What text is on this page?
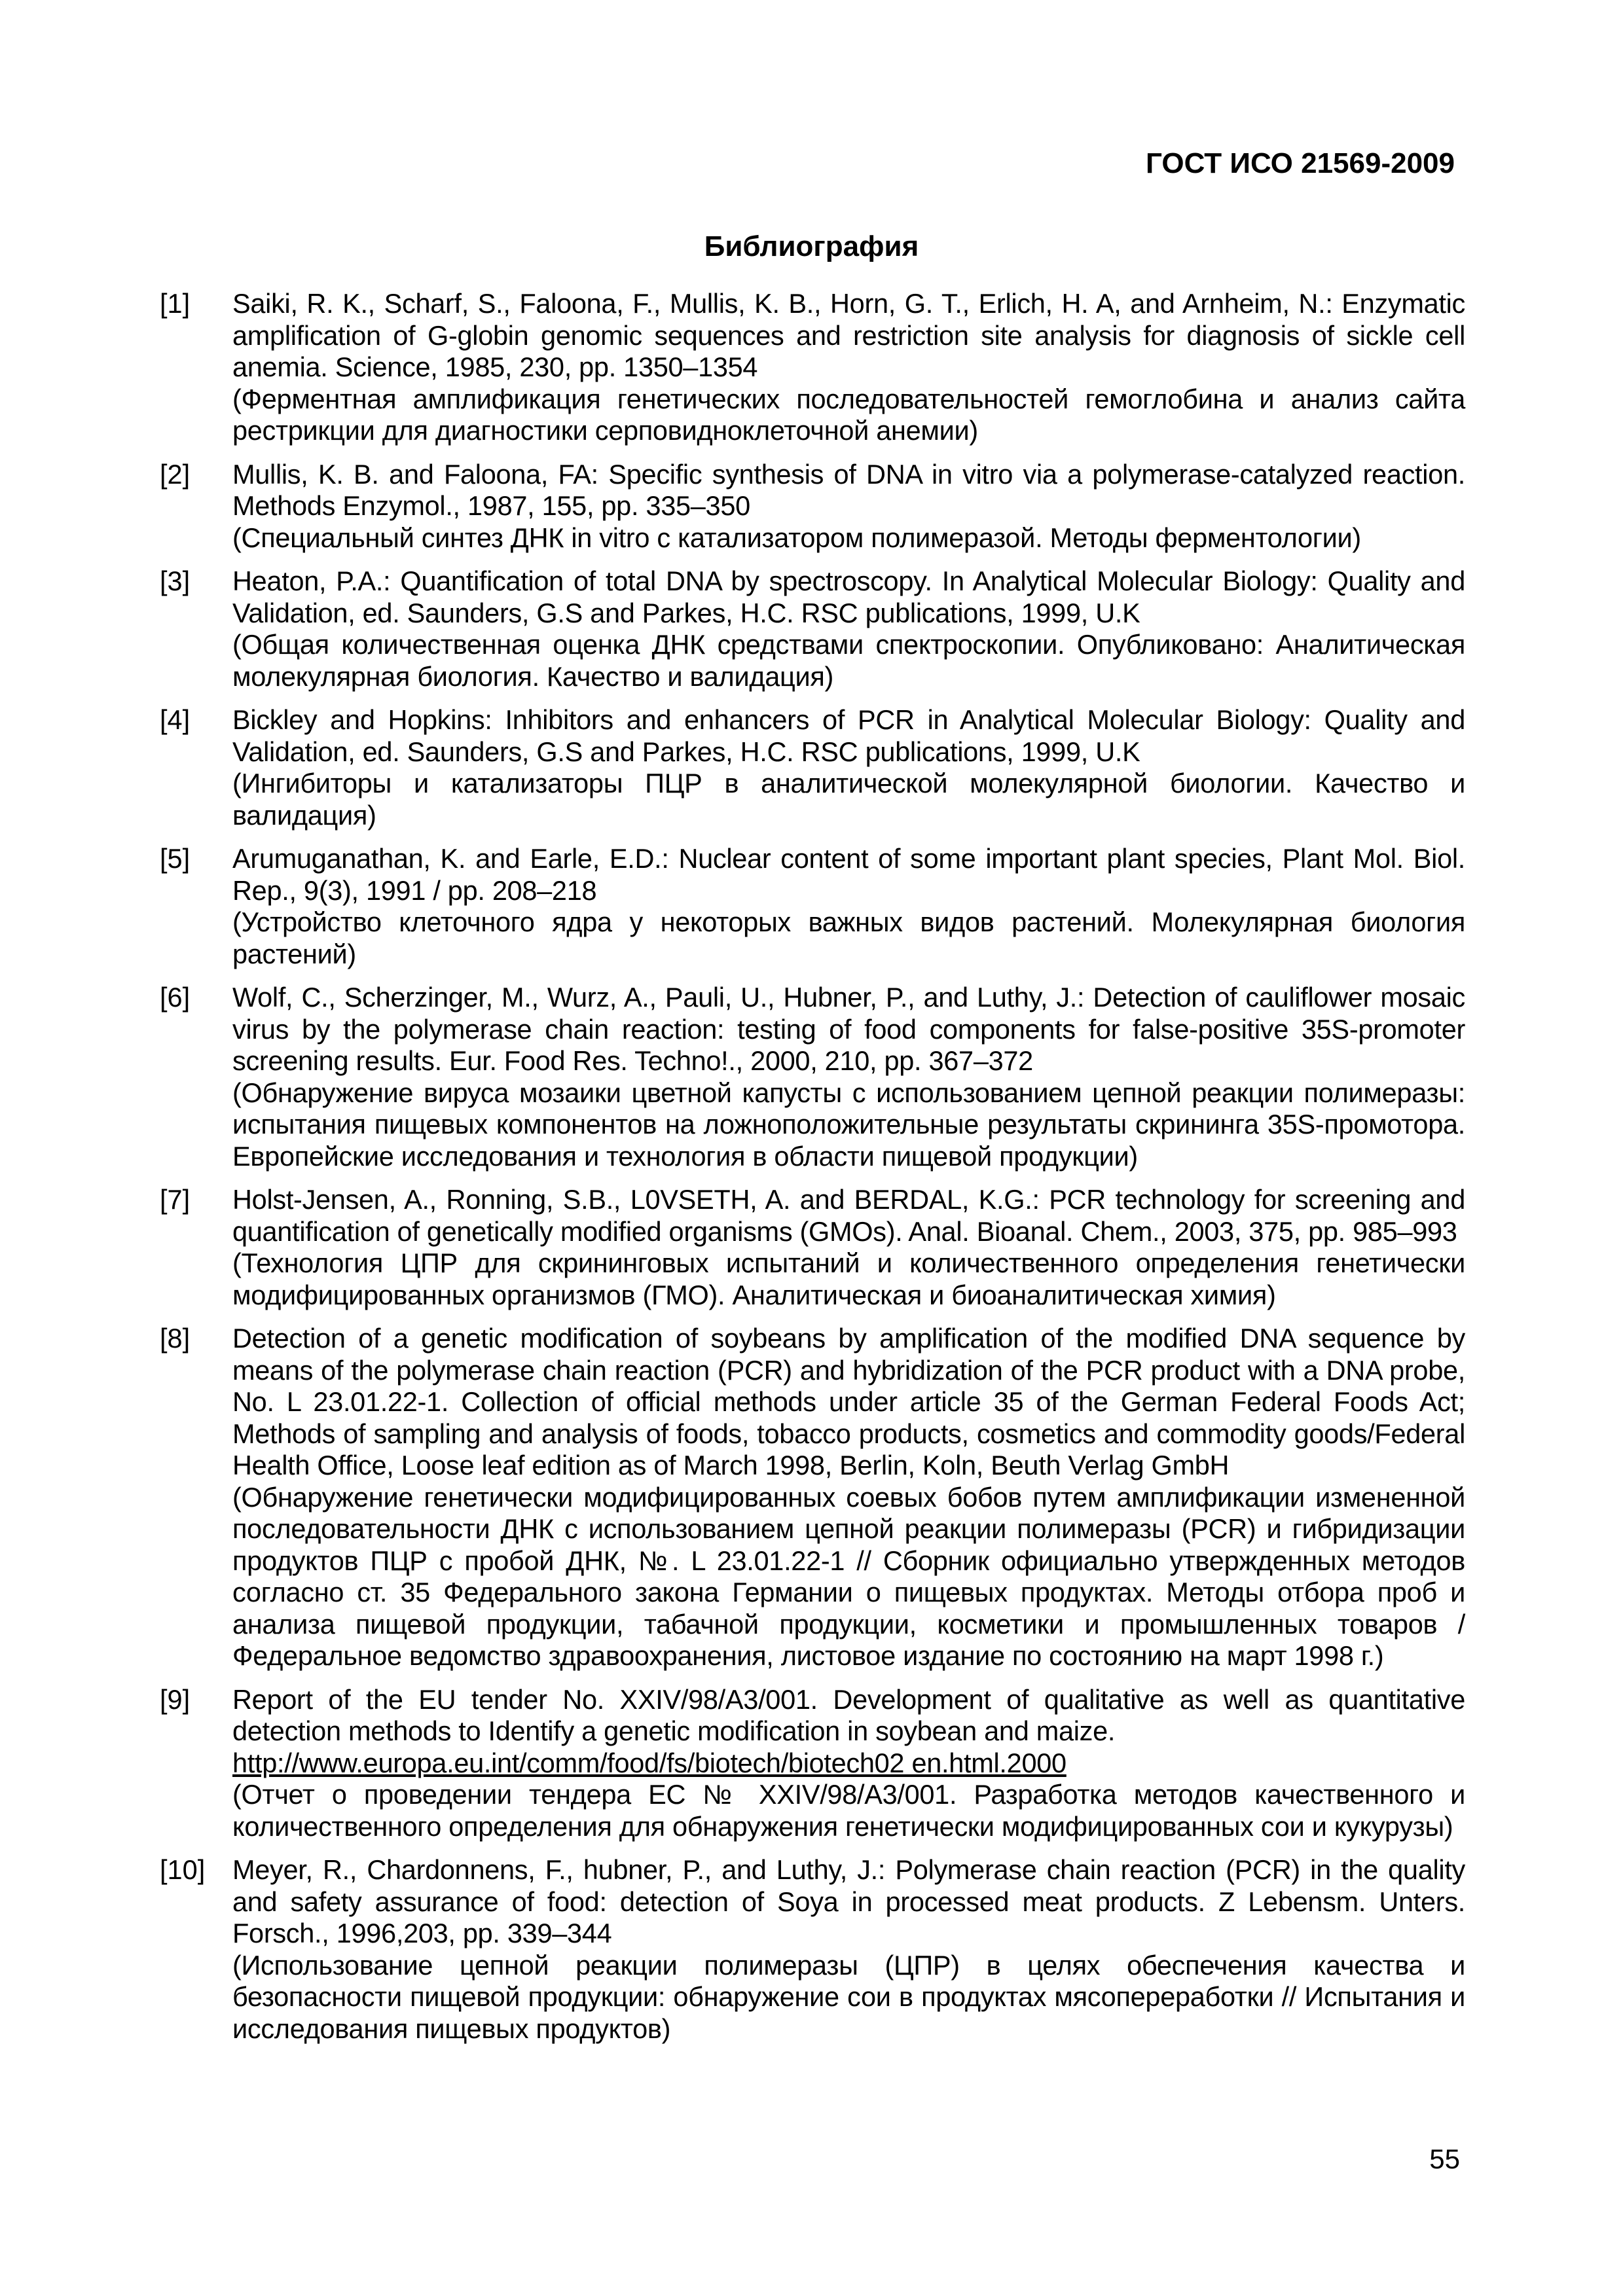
ГОСТ ИСО 21569-2009
Библиография
[1]	Saiki, R. K., Scharf, S., Faloona, F., Mullis, K. B., Horn, G. T., Erlich, H. A, and Arnheim, N.: Enzymatic amplification of G-globin genomic sequences and restriction site analysis for diagnosis of sickle cell anemia. Science, 1985, 230, pp. 1350–1354

(Ферментная амплификация генетических последовательностей гемоглобина и анализ сайта рестрикции для диагностики серповидноклеточной анемии)

[2]	Mullis, K. B. and Faloona, FA: Specific synthesis of DNA in vitro via a polymerase-catalyzed reaction. Methods Enzymol., 1987, 155, pp. 335–350

(Специальный синтез ДНК in vitro с катализатором полимеразой. Методы ферментологии)

[3]	Heaton, P.A.: Quantification of total DNA by spectroscopy. In Analytical Molecular Biology: Quality and Validation, ed. Saunders, G.S and Parkes, H.C. RSC publications, 1999, U.K

(Общая количественная оценка ДНК средствами спектроскопии. Опубликовано: Аналитическая молекулярная биология. Качество и валидация)

[4]	Bickley and Hopkins: Inhibitors and enhancers of PCR in Analytical Molecular Biology: Quality and Validation, ed. Saunders, G.S and Parkes, H.C. RSC publications, 1999, U.K

(Ингибиторы и катализаторы ПЦР в аналитической молекулярной биологии. Качество и валидация)

[5]	Arumuganathan, K. and Earle, E.D.: Nuclear content of some important plant species, Plant Mol. Biol. Rep., 9(3), 1991 / pp. 208–218

(Устройство клеточного ядра у некоторых важных видов растений. Молекулярная биология растений)

[6]	Wolf, C., Scherzinger, M., Wurz, A., Pauli, U., Hubner, P., and Luthy, J.: Detection of cauliflower mosaic virus by the polymerase chain reaction: testing of food components for false-positive 35S-promoter screening results. Eur. Food Res. Techno!., 2000, 210, pp. 367–372

(Обнаружение вируса мозаики цветной капусты с использованием цепной реакции полимеразы: испытания пищевых компонентов на ложноположительные результаты скрининга 35S-промотора. Европейские исследования и технология в области пищевой продукции)

[7]	Holst-Jensen, A., Ronning, S.B., L0VSETH, A. and BERDAL, K.G.: PCR technology for screening and quantification of genetically modified organisms (GMOs). Anal. Bioanal. Chem., 2003, 375, pp. 985–993

(Технология ЦПР для скрининговых испытаний и количественного определения генетически модифицированных организмов (ГМО). Аналитическая и биоаналитическая химия)

[8]	Detection of a genetic modification of soybeans by amplification of the modified DNA sequence by means of the polymerase chain reaction (PCR) and hybridization of the PCR product with a DNA probe, No. L 23.01.22-1. Collection of official methods under article 35 of the German Federal Foods Act; Methods of sampling and analysis of foods, tobacco products, cosmetics and commodity goods/Federal Health Office, Loose leaf edition as of March 1998, Berlin, Koln, Beuth Verlag GmbH

(Обнаружение генетически модифицированных соевых бобов путем амплификации измененной последовательности ДНК с использованием цепной реакции полимеразы (PCR) и гибридизации продуктов ПЦР с пробой ДНК, №. L 23.01.22-1 // Сборник официально утвержденных методов согласно ст. 35 Федерального закона Германии о пищевых продуктах. Методы отбора проб и анализа пищевой продукции, табачной продукции, косметики и промышленных товаров / Федеральное ведомство здравоохранения, листовое издание по состоянию на март 1998 г.)

[9]	Report of the EU tender No. XXIV/98/A3/001. Development of qualitative as well as quantitative detection methods to Identify a genetic modification in soybean and maize.

http://www.europa.eu.int/comm/food/fs/biotech/biotech02 en.html.2000

(Отчет о проведении тендера ЕС № XXIV/98/A3/001. Разработка методов качественного и количественного определения для обнаружения генетически модифицированных сои и кукурузы)

[10]	Meyer, R., Chardonnens, F., hubner, P., and Luthy, J.: Polymerase chain reaction (PCR) in the quality and safety assurance of food: detection of Soya in processed meat products. Z Lebensm. Unters. Forsch., 1996,203, pp. 339–344

(Использование цепной реакции полимеразы (ЦПР) в целях обеспечения качества и безопасности пищевой продукции: обнаружение сои в продуктах мясопереработки // Испытания и исследования пищевых продуктов)

55
